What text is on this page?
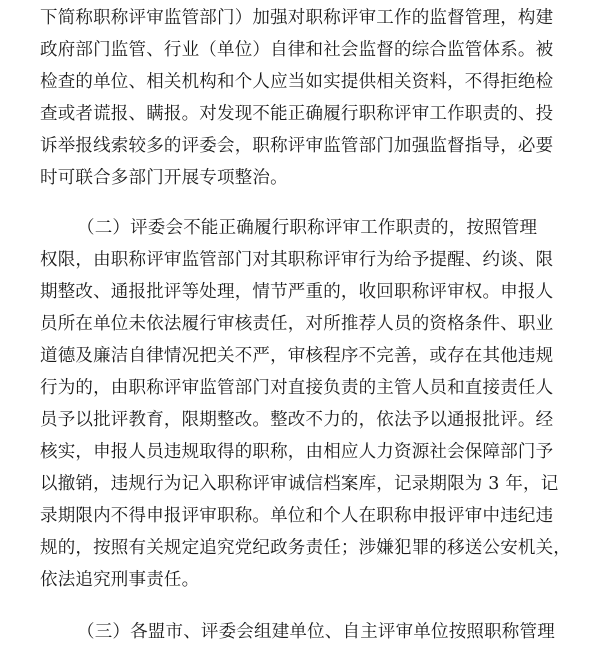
下简称职称评审监管部门）加强对职称评审工作的监督管理，构建
政府部门监管、行业（单位）自律和社会监督的综合监管体系。被
检查的单位、相关机构和个人应当如实提供相关资料，不得拒绝检
查或者谎报、瞒报。对发现不能正确履行职称评审工作职责的、投
诉举报线索较多的评委会，职称评审监管部门加强监督指导，必要
时可联合多部门开展专项整治。
（二）评委会不能正确履行职称评审工作职责的，按照管理
权限，由职称评审监管部门对其职称评审行为给予提醒、约谈、限
期整改、通报批评等处理，情节严重的，收回职称评审权。申报人
员所在单位未依法履行审核责任，对所推荐人员的资格条件、职业
道德及廉洁自律情况把关不严，审核程序不完善，或存在其他违规
行为的，由职称评审监管部门对直接负责的主管人员和直接责任人
员予以批评教育，限期整改。整改不力的，依法予以通报批评。经
核实，申报人员违规取得的职称，由相应人力资源社会保障部门予
以撤销，违规行为记入职称评审诚信档案库，记录期限为 3 年，记
录期限内不得申报评审职称。单位和个人在职称申报评审中违纪违
规的，按照有关规定追究党纪政务责任；涉嫌犯罪的移送公安机关，
依法追究刑事责任。
（三）各盟市、评委会组建单位、自主评审单位按照职称管理
